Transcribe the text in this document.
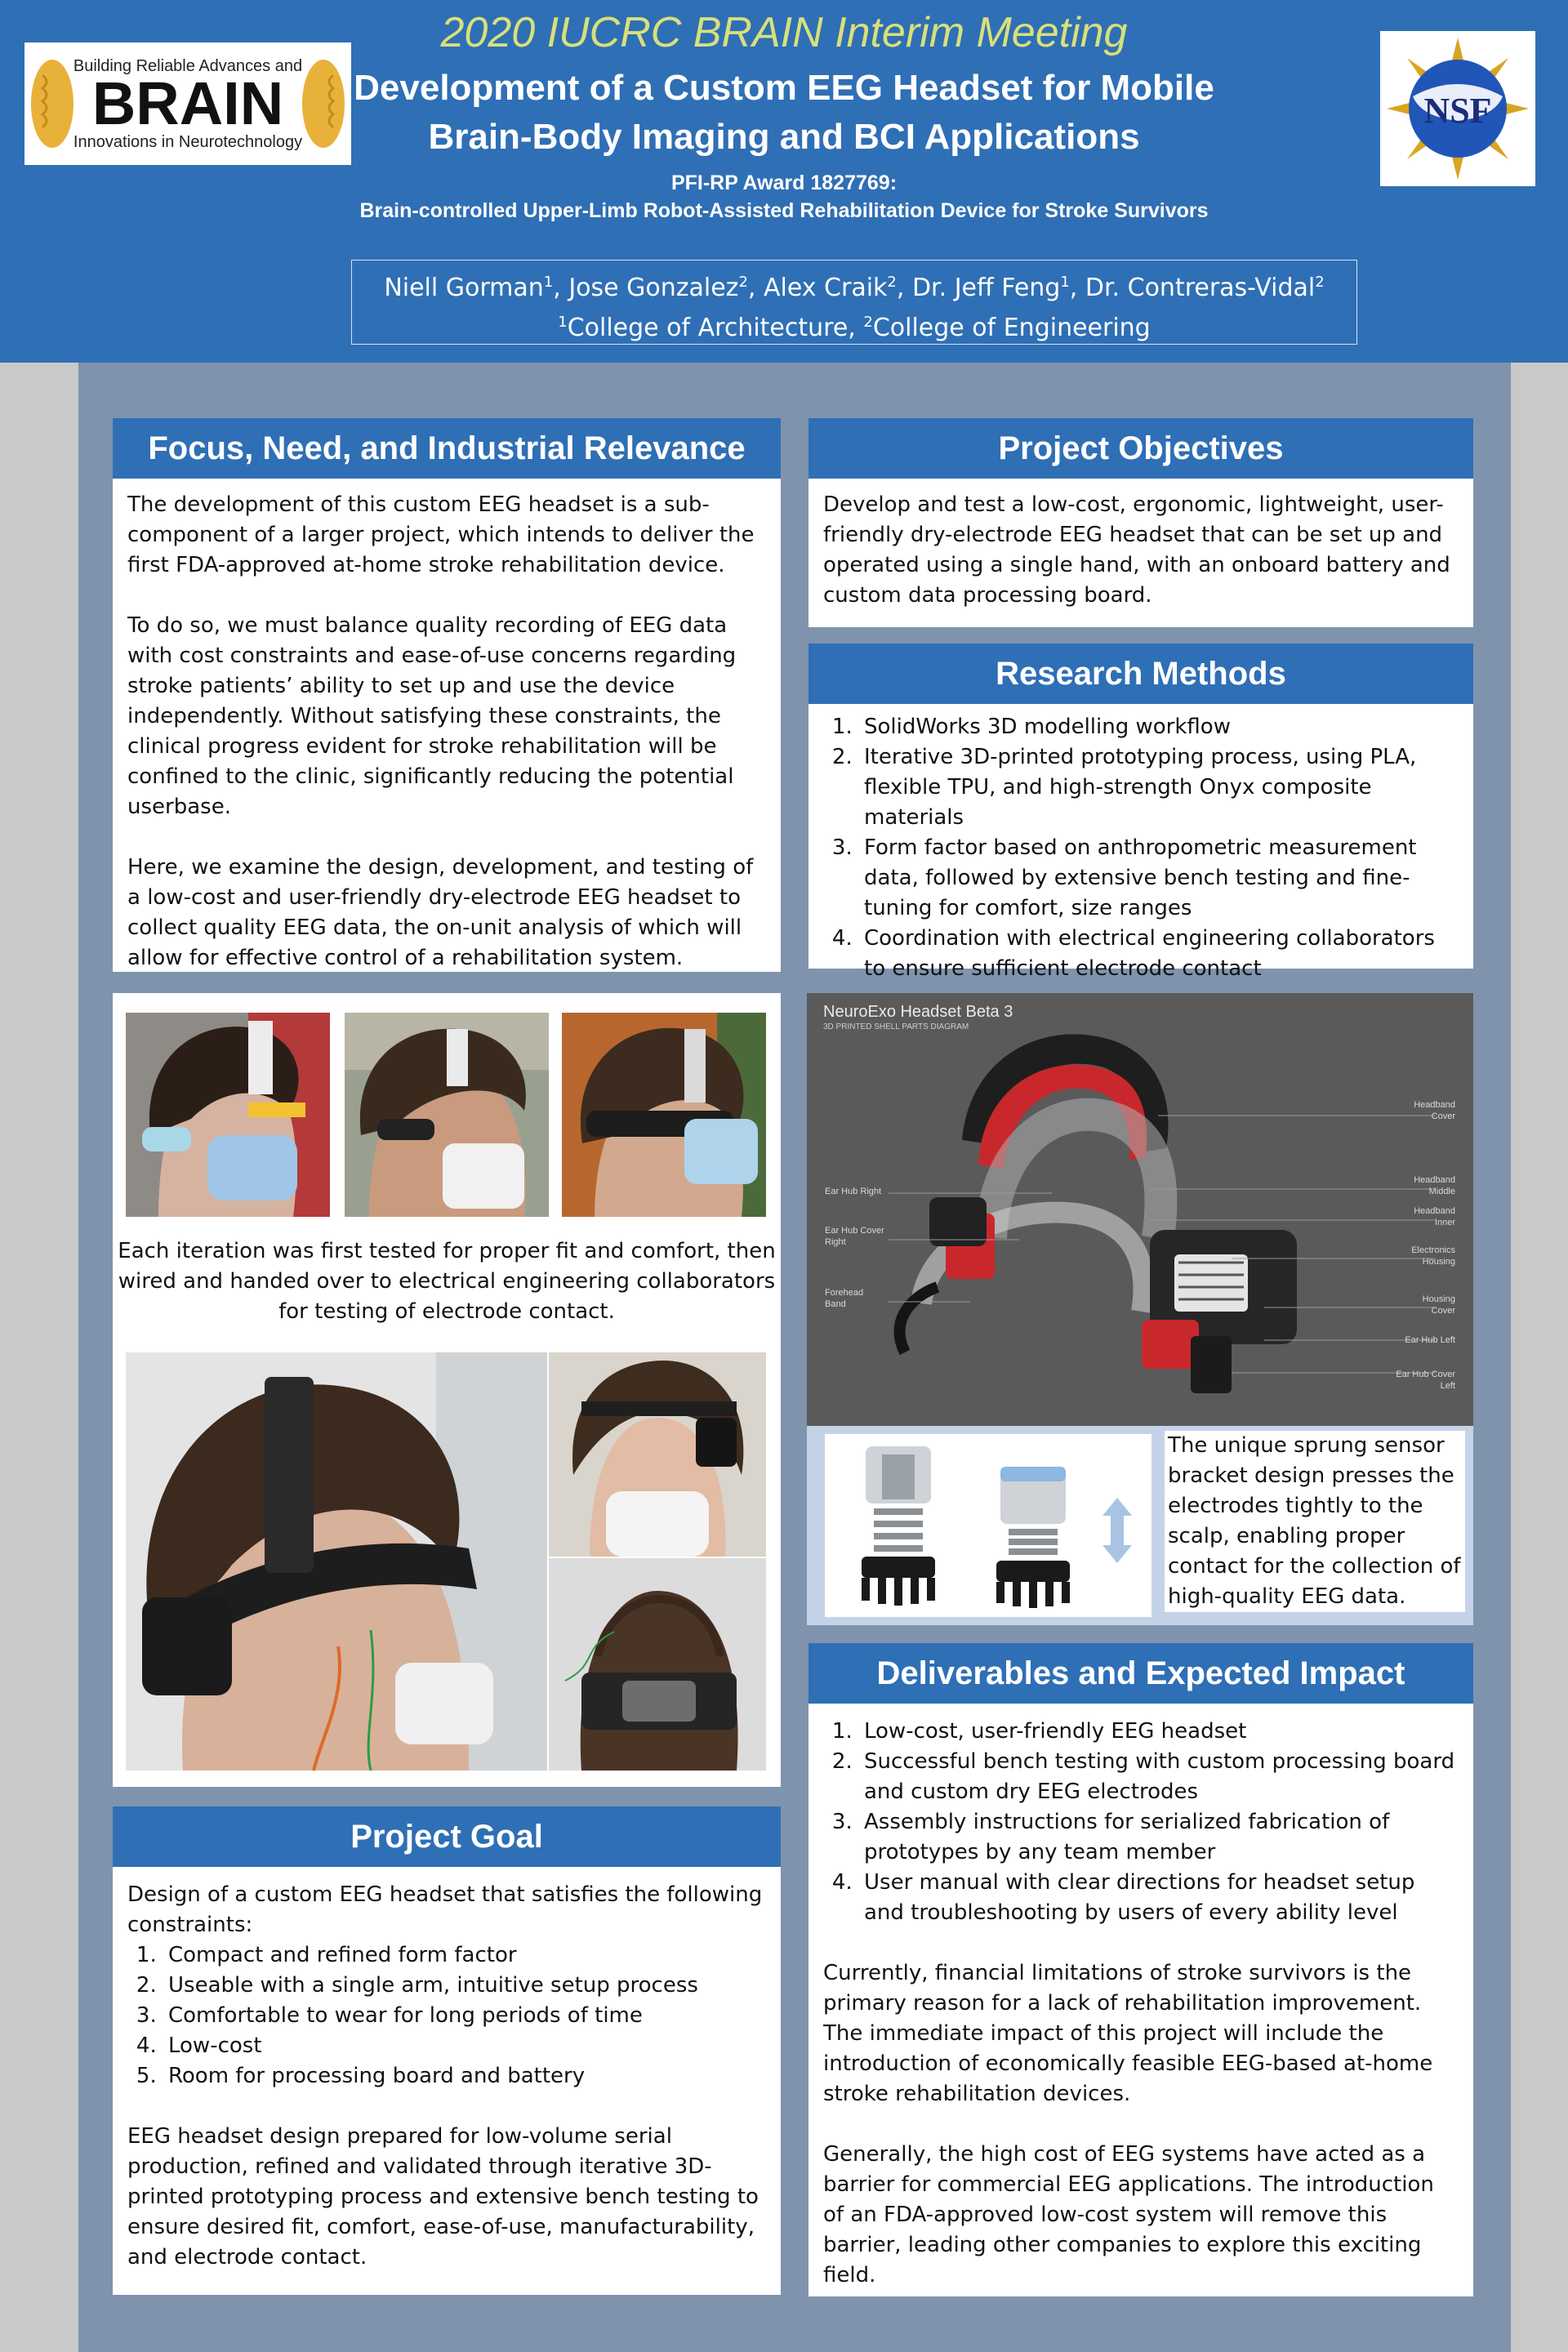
Building Reliable Advances and
BRAIN
Innovations in Neurotechnology
2020 IUCRC BRAIN Interim Meeting
Development of a Custom EEG Headset for Mobile
Brain-Body Imaging and BCI Applications
PFI-RP Award 1827769:
Brain-controlled Upper-Limb Robot-Assisted Rehabilitation Device for Stroke Survivors
Niell Gorman$^1$, Jose Gonzalez$^2$, Alex Craik$^2$, Dr. Jeff Feng$^1$, Dr. Contreras-Vidal$^2$
$^1$College of Architecture, $^2$College of Engineering
NSF
Focus, Need, and Industrial Relevance

The development of this custom EEG headset is a sub-component of a larger project, which intends to deliver the first FDA-approved at-home stroke rehabilitation device.

To do so, we must balance quality recording of EEG data with cost constraints and ease-of-use concerns regarding stroke patients’ ability to set up and use the device independently. Without satisfying these constraints, the clinical progress evident for stroke rehabilitation will be confined to the clinic, significantly reducing the potential userbase.

Here, we examine the design, development, and testing of a low-cost and user-friendly dry-electrode EEG headset to collect quality EEG data, the on-unit analysis of which will allow for effective control of a rehabilitation system.

Project Objectives

Develop and test a low-cost, ergonomic, lightweight, user-friendly dry-electrode EEG headset that can be set up and operated using a single hand, with an onboard battery and custom data processing board.

Research Methods
1. SolidWorks 3D modelling workflow
2. Iterative 3D-printed prototyping process, using PLA, flexible TPU, and high-strength Onyx composite materials
3. Form factor based on anthropometric measurement data, followed by extensive bench testing and fine-tuning for comfort, size ranges
4. Coordination with electrical engineering collaborators to ensure sufficient electrode contact
Each iteration was first tested for proper fit and comfort, then wired and handed over to electrical engineering collaborators for testing of electrode contact.
NeuroExo Headset Beta 3
3D PRINTED SHELL PARTS DIAGRAM
Ear Hub Right
Ear Hub Cover
Right
Forehead
Band
Headband
Cover
Headband
Middle
Headband
Inner
Electronics
Housing
Housing
Cover
Ear Hub Left
Ear Hub Cover
Left
The unique sprung sensor bracket design presses the electrodes tightly to the scalp, enabling proper contact for the collection of high-quality EEG data.
Deliverables and Expected Impact
1. Low-cost, user-friendly EEG headset
2. Successful bench testing with custom processing board and custom dry EEG electrodes
3. Assembly instructions for serialized fabrication of prototypes by any team member
4. User manual with clear directions for headset setup and troubleshooting by users of every ability level

Currently, financial limitations of stroke survivors is the primary reason for a lack of rehabilitation improvement. The immediate impact of this project will include the introduction of economically feasible EEG-based at-home stroke rehabilitation devices.

Generally, the high cost of EEG systems have acted as a barrier for commercial EEG applications. The introduction of an FDA-approved low-cost system will remove this barrier, leading other companies to explore this exciting field.

Project Goal

Design of a custom EEG headset that satisfies the following constraints:

1. Compact and refined form factor
2. Useable with a single arm, intuitive setup process
3. Comfortable to wear for long periods of time
4. Low-cost
5. Room for processing board and battery

EEG headset design prepared for low-volume serial production, refined and validated through iterative 3D-printed prototyping process and extensive bench testing to ensure desired fit, comfort, ease-of-use, manufacturability, and electrode contact.
